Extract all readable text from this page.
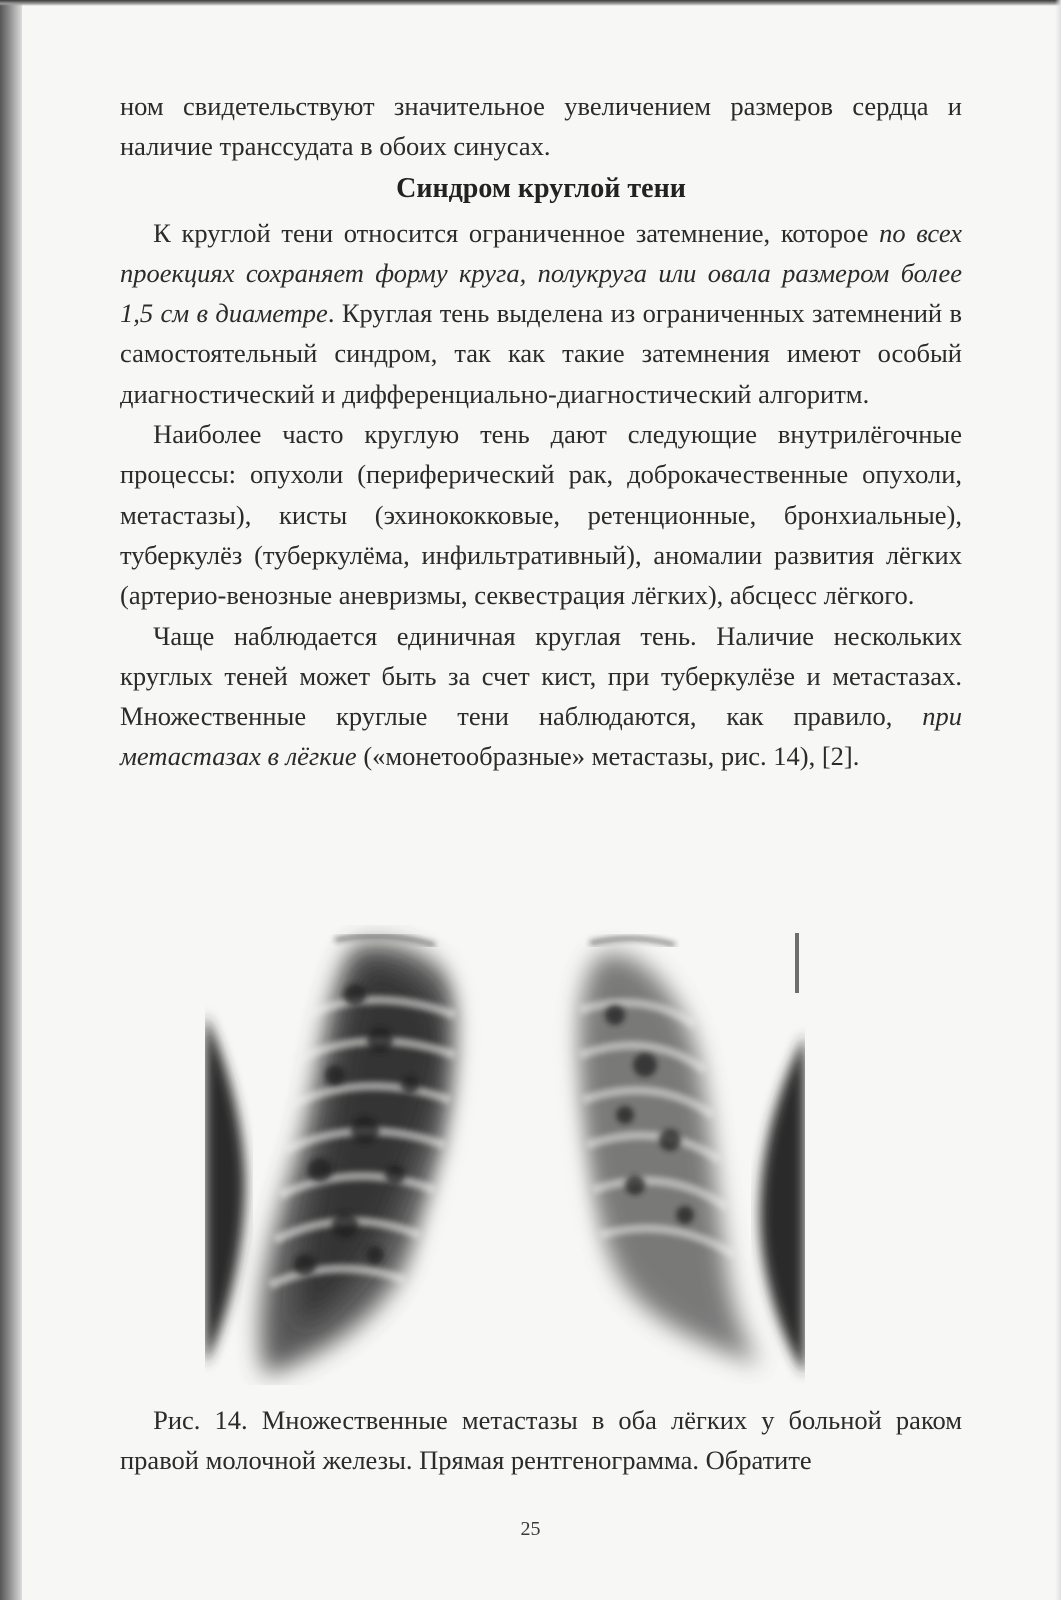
ном свидетельствуют значительное увеличением размеров сердца и наличие транссудата в обоих синусах.

Синдром круглой тени

К круглой тени относится ограниченное затемнение, которое по всех проекциях сохраняет форму круга, полукруга или овала размером более 1,5 см в диаметре. Круглая тень выделена из ограниченных затемнений в самостоятельный синдром, так как такие затемнения имеют особый диагностический и дифференциально-диагностический алгоритм.

Наиболее часто круглую тень дают следующие внутрилёгочные процессы: опухоли (периферический рак, доброкачественные опухоли, метастазы), кисты (эхинококковые, ретенционные, бронхиальные), туберкулёз (туберкулёма, инфильтративный), аномалии развития лёгких (артерио-венозные аневризмы, секвестрация лёгких), абсцесс лёгкого.

Чаще наблюдается единичная круглая тень. Наличие нескольких круглых теней может быть за счет кист, при туберкулёзе и метастазах. Множественные круглые тени наблюдаются, как правило, при метастазах в лёгкие («монетообразные» метастазы, рис. 14), [2].

Рис. 14. Множественные метастазы в оба лёгких у больной раком правой молочной железы. Прямая рентгенограмма. Обратите
25
